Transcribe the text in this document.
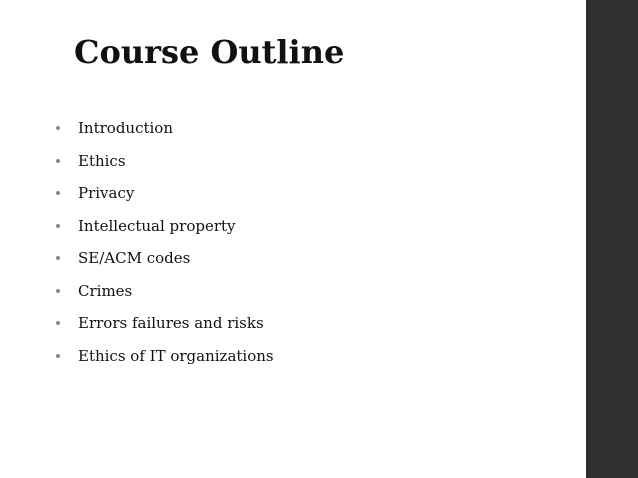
Course Outline
Introduction
Ethics
Privacy
Intellectual property
SE/ACM codes
Crimes
Errors failures and risks
Ethics of IT organizations
